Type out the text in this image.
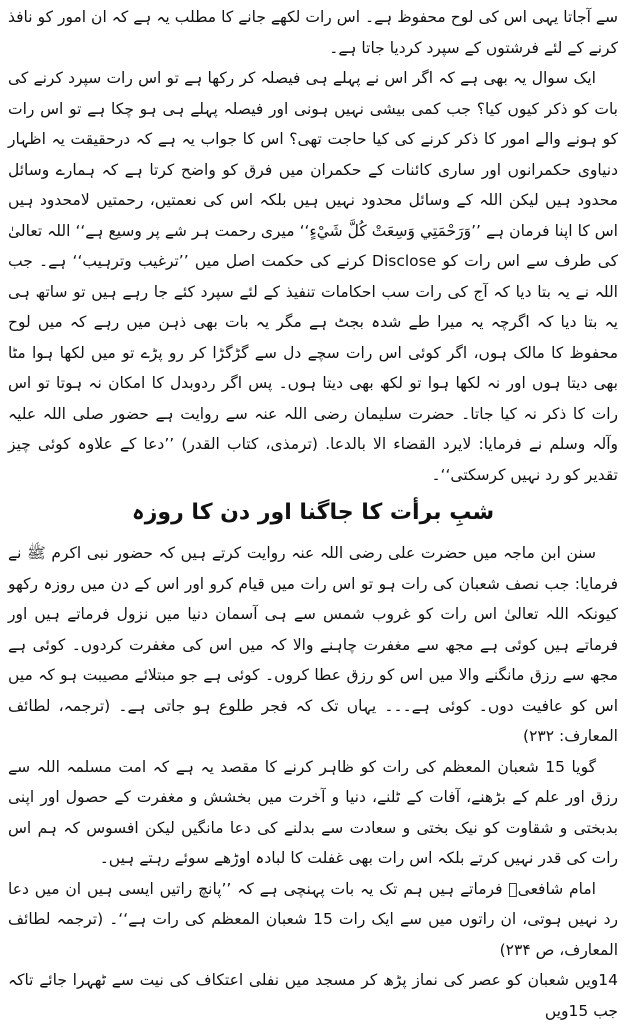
سے آجاتا یہی اس کی لوح محفوظ ہے۔ اس رات لکھے جانے کا مطلب یہ ہے کہ ان امور کو نافذ کرنے کے لئے فرشتوں کے سپرد کردیا جاتا ہے۔

ایک سوال یہ بھی ہے کہ اگر اس نے پہلے ہی فیصلہ کر رکھا ہے تو اس رات سپرد کرنے کی بات کو ذکر کیوں کیا؟ جب کمی بیشی نہیں ہونی اور فیصلہ پہلے ہی ہو چکا ہے تو اس رات کو ہونے والے امور کا ذکر کرنے کی کیا حاجت تھی؟ اس کا جواب یہ ہے کہ درحقیقت یہ اظہار دنیاوی حکمرانوں اور ساری کائنات کے حکمران میں فرق کو واضح کرتا ہے کہ ہمارے وسائل محدود ہیں لیکن اللہ کے وسائل محدود نہیں ہیں بلکہ اس کی نعمتیں، رحمتیں لامحدود ہیں اس کا اپنا فرمان ہے ’’وَرَحْمَتِي وَسِعَتْ كُلَّ شَيْءٍ‘‘ میری رحمت ہر شے پر وسیع ہے‘‘ اللہ تعالیٰ کی طرف سے اس رات کو Disclose کرنے کی حکمت اصل میں ’’ترغیب وترہیب‘‘ ہے۔ جب اللہ نے یہ بتا دیا کہ آج کی رات سب احکامات تنفیذ کے لئے سپرد کئے جا رہے ہیں تو ساتھ ہی یہ بتا دیا کہ اگرچہ یہ میرا طے شدہ بجٹ ہے مگر یہ بات بھی ذہن میں رہے کہ میں لوح محفوظ کا مالک ہوں، اگر کوئی اس رات سچے دل سے گڑگڑا کر رو پڑے تو میں لکھا ہوا مٹا بھی دیتا ہوں اور نہ لکھا ہوا تو لکھ بھی دیتا ہوں۔ پس اگر ردوبدل کا امکان نہ ہوتا تو اس رات کا ذکر نہ کیا جاتا۔ حضرت سلیمان رضی اللہ عنہ سے روایت ہے حضور صلی اللہ علیہ وآلہ وسلم نے فرمایا: لایرد القضاء الا بالدعا. (ترمذی، کتاب القدر) ’’دعا کے علاوہ کوئی چیز تقدیر کو رد نہیں کرسکتی‘‘۔

شبِ برأت کا جاگنا اور دن کا روزہ

سنن ابن ماجہ میں حضرت علی رضی اللہ عنہ روایت کرتے ہیں کہ حضور نبی اکرم ﷺ نے فرمایا: جب نصف شعبان کی رات ہو تو اس رات میں قیام کرو اور اس کے دن میں روزہ رکھو کیونکہ اللہ تعالیٰ اس رات کو غروب شمس سے ہی آسمان دنیا میں نزول فرماتے ہیں اور فرماتے ہیں کوئی ہے مجھ سے مغفرت چاہنے والا کہ میں اس کی مغفرت کردوں۔ کوئی ہے مجھ سے رزق مانگنے والا میں اس کو رزق عطا کروں۔ کوئی ہے جو مبتلائے مصیبت ہو کہ میں اس کو عافیت دوں۔ کوئی ہے۔۔۔ یہاں تک کہ فجر طلوع ہو جاتی ہے۔ (ترجمہ، لطائف المعارف: ۲۳۲)

گویا 15 شعبان المعظم کی رات کو ظاہر کرنے کا مقصد یہ ہے کہ امت مسلمہ اللہ سے رزق اور علم کے بڑھنے، آفات کے ٹلنے، دنیا و آخرت میں بخشش و مغفرت کے حصول اور اپنی بدبختی و شقاوت کو نیک بختی و سعادت سے بدلنے کی دعا مانگیں لیکن افسوس کہ ہم اس رات کی قدر نہیں کرتے بلکہ اس رات بھی غفلت کا لبادہ اوڑھے سوئے رہتے ہیں۔

امام شافعیؒ فرماتے ہیں ہم تک یہ بات پہنچی ہے کہ ’’پانچ راتیں ایسی ہیں ان میں دعا رد نہیں ہوتی، ان راتوں میں سے ایک رات 15 شعبان المعظم کی رات ہے‘‘۔ (ترجمہ لطائف المعارف، ص ۲۳۴)

14ویں شعبان کو عصر کی نماز پڑھ کر مسجد میں نفلی اعتکاف کی نیت سے ٹھہرا جائے تاکہ جب 15ویں
